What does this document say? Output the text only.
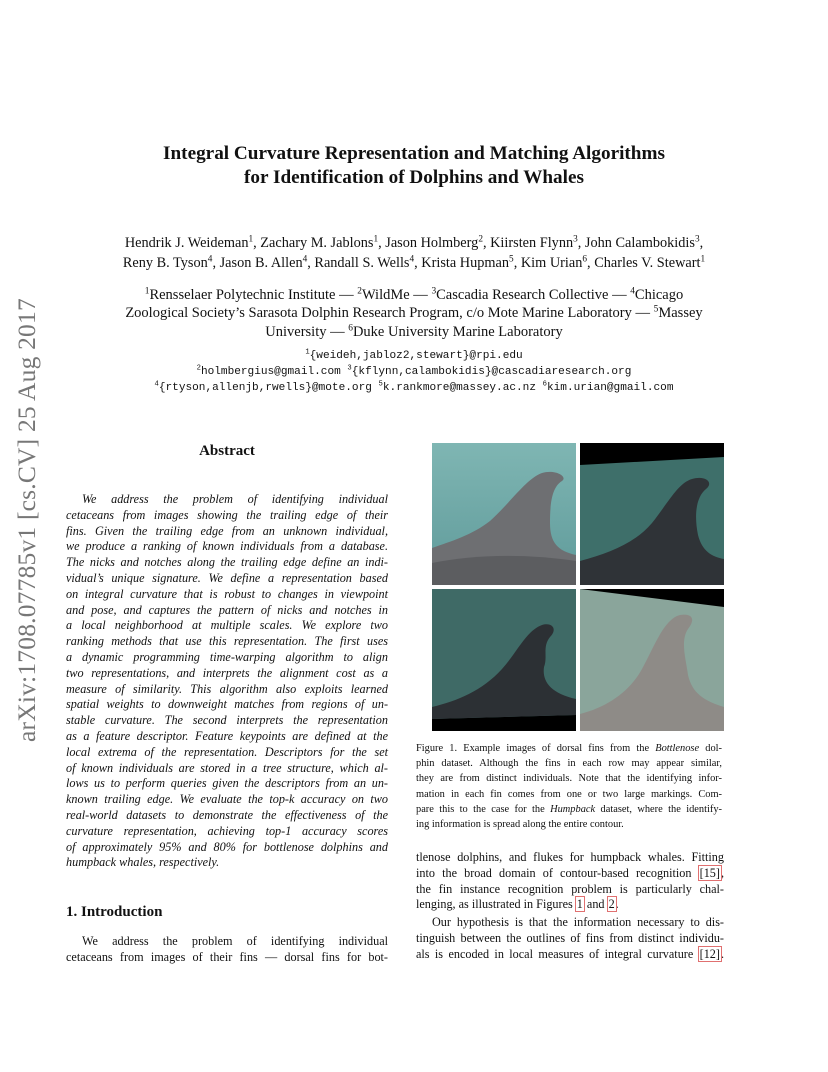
arXiv:1708.07785v1 [cs.CV] 25 Aug 2017
Integral Curvature Representation and Matching Algorithms
for Identification of Dolphins and Whales
Hendrik J. Weideman$^1$, Zachary M. Jablons$^1$, Jason Holmberg$^2$, Kiirsten Flynn$^3$, John Calambokidis$^3$,
Reny B. Tyson$^4$, Jason B. Allen$^4$, Randall S. Wells$^4$, Krista Hupman$^5$, Kim Urian$^6$, Charles V. Stewart$^1$
$^1$Rensselaer Polytechnic Institute — $^2$WildMe — $^3$Cascadia Research Collective — $^4$Chicago
Zoological Society’s Sarasota Dolphin Research Program, c/o Mote Marine Laboratory — $^5$Massey
University — $^6$Duke University Marine Laboratory
$^1${weideh,jabloz2,stewart}@rpi.edu
$^2$holmbergius@gmail.com $^3${kflynn,calambokidis}@cascadiaresearch.org
$^4${rtyson,allenjb,rwells}@mote.org $^5$k.rankmore@massey.ac.nz $^6$kim.urian@gmail.com
Abstract
We address the problem of identifying individual
cetaceans from images showing the trailing edge of their
fins. Given the trailing edge from an unknown individual,
we produce a ranking of known individuals from a database.
The nicks and notches along the trailing edge define an indi-
vidual’s unique signature. We define a representation based
on integral curvature that is robust to changes in viewpoint
and pose, and captures the pattern of nicks and notches in
a local neighborhood at multiple scales. We explore two
ranking methods that use this representation. The first uses
a dynamic programming time-warping algorithm to align
two representations, and interprets the alignment cost as a
measure of similarity. This algorithm also exploits learned
spatial weights to downweight matches from regions of un-
stable curvature. The second interprets the representation
as a feature descriptor. Feature keypoints are defined at the
local extrema of the representation. Descriptors for the set
of known individuals are stored in a tree structure, which al-
lows us to perform queries given the descriptors from an un-
known trailing edge. We evaluate the top-k accuracy on two
real-world datasets to demonstrate the effectiveness of the
curvature representation, achieving top-1 accuracy scores
of approximately 95% and 80% for bottlenose dolphins and
humpback whales, respectively.
1. Introduction
We address the problem of identifying individual
cetaceans from images of their fins — dorsal fins for bot-
Figure 1. Example images of dorsal fins from the Bottlenose dol-
phin dataset. Although the fins in each row may appear similar,
they are from distinct individuals. Note that the identifying infor-
mation in each fin comes from one or two large markings. Com-
pare this to the case for the Humpback dataset, where the identify-
ing information is spread along the entire contour.
tlenose dolphins, and flukes for humpback whales. Fitting
into the broad domain of contour-based recognition [15],
the fin instance recognition problem is particularly chal-
lenging, as illustrated in Figures 1 and 2.
Our hypothesis is that the information necessary to dis-
tinguish between the outlines of fins from distinct individu-
als is encoded in local measures of integral curvature [12].
